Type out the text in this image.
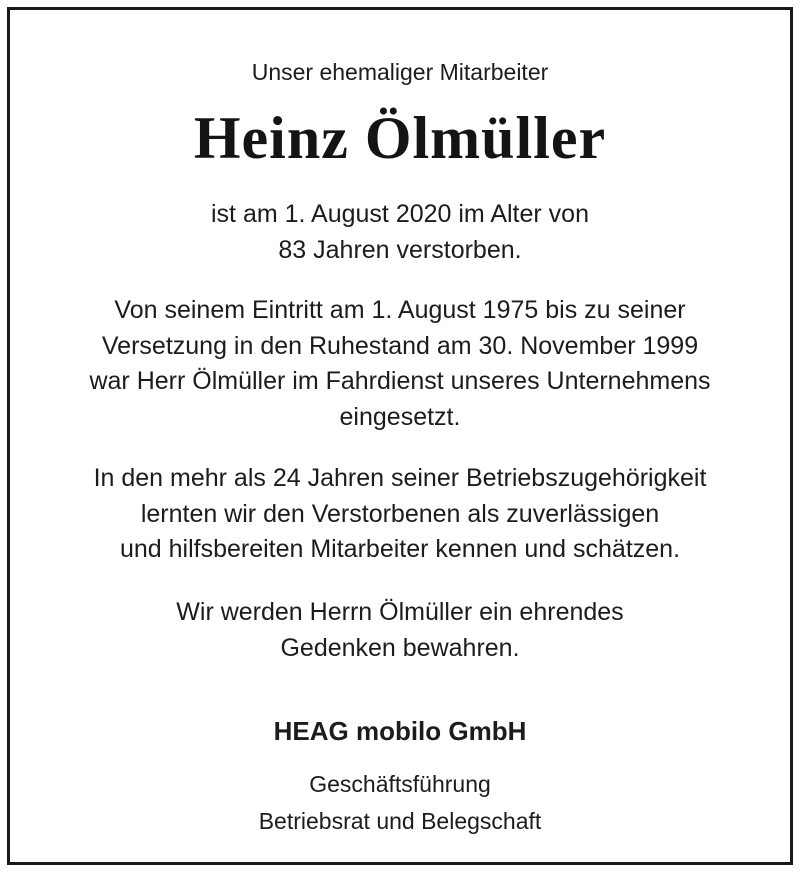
Unser ehemaliger Mitarbeiter
Heinz Ölmüller
ist am 1. August 2020 im Alter von
83 Jahren verstorben.
Von seinem Eintritt am 1. August 1975 bis zu seiner
Versetzung in den Ruhestand am 30. November 1999
war Herr Ölmüller im Fahrdienst unseres Unternehmens
eingesetzt.
In den mehr als 24 Jahren seiner Betriebszugehörigkeit
lernten wir den Verstorbenen als zuverlässigen
und hilfsbereiten Mitarbeiter kennen und schätzen.
Wir werden Herrn Ölmüller ein ehrendes
Gedenken bewahren.
HEAG mobilo GmbH
Geschäftsführung
Betriebsrat und Belegschaft
